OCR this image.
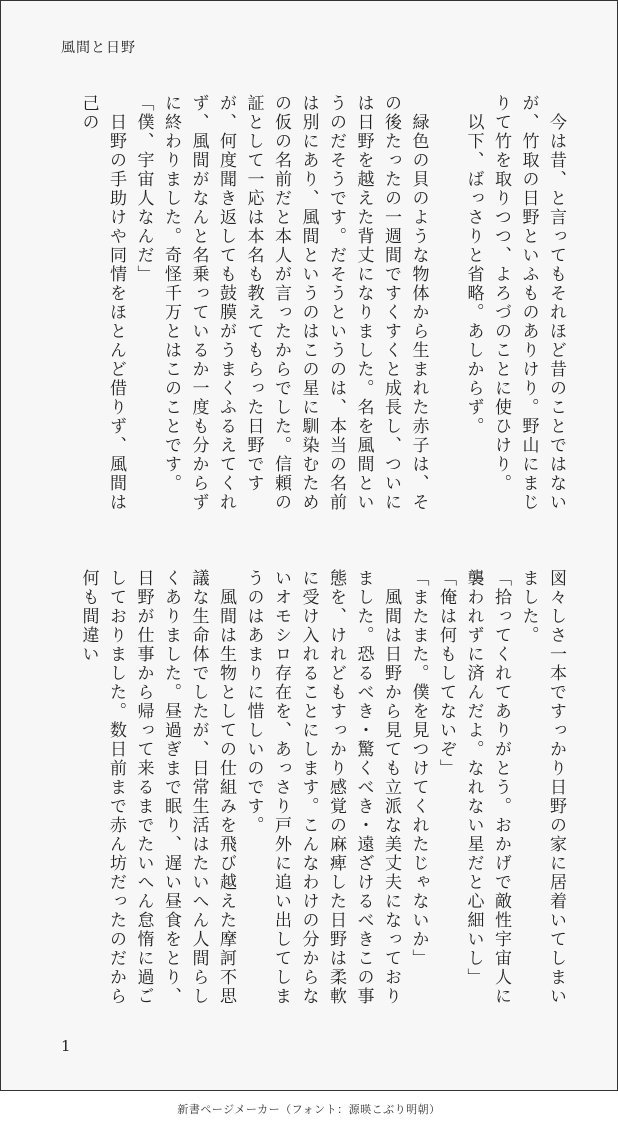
風間と日野

　今は昔、と言ってもそれほど昔のことではないが、竹取の日野といふものありけり。野山にまじりて竹を取りつつ、よろづのことに使ひけり。

　以下、ばっさりと省略。あしからず。

　緑色の貝のような物体から生まれた赤子は、その後たったの一週間ですくすくと成長し、ついには日野を越えた背丈になりました。名を風間というのだそうです。だそうというのは、本当の名前は別にあり、風間というのはこの星に馴染むための仮の名前だと本人が言ったからでした。信頼の証として一応は本名も教えてもらった日野ですが、何度聞き返しても鼓膜がうまくふるえてくれず、風間がなんと名乗っているか一度も分からずに終わりました。奇怪千万とはこのことです。

「僕、宇宙人なんだ」

　日野の手助けや同情をほとんど借りず、風間は己の

図々しさ一本ですっかり日野の家に居着いてしまいました。

「拾ってくれてありがとう。おかげで敵性宇宙人に襲われずに済んだよ。なれない星だと心細いし」

「俺は何もしてないぞ」

「またまた。僕を見つけてくれたじゃないか」

　風間は日野から見ても立派な美丈夫になっておりました。恐るべき・驚くべき・遠ざけるべきこの事態を、けれどもすっかり感覚の麻痺した日野は柔軟に受け入れることにします。こんなわけの分からないオモシロ存在を、あっさり戸外に追い出してしまうのはあまりに惜しいのです。

　風間は生物としての仕組みを飛び越えた摩訶不思議な生命体でしたが、日常生活はたいへん人間らしくありました。昼過ぎまで眠り、遅い昼食をとり、日野が仕事から帰って来るまでたいへん怠惰に過ごしておりました。数日前まで赤ん坊だったのだから何も間違い

1
新書ページメーカー（フォント：源暎こぶり明朝）
